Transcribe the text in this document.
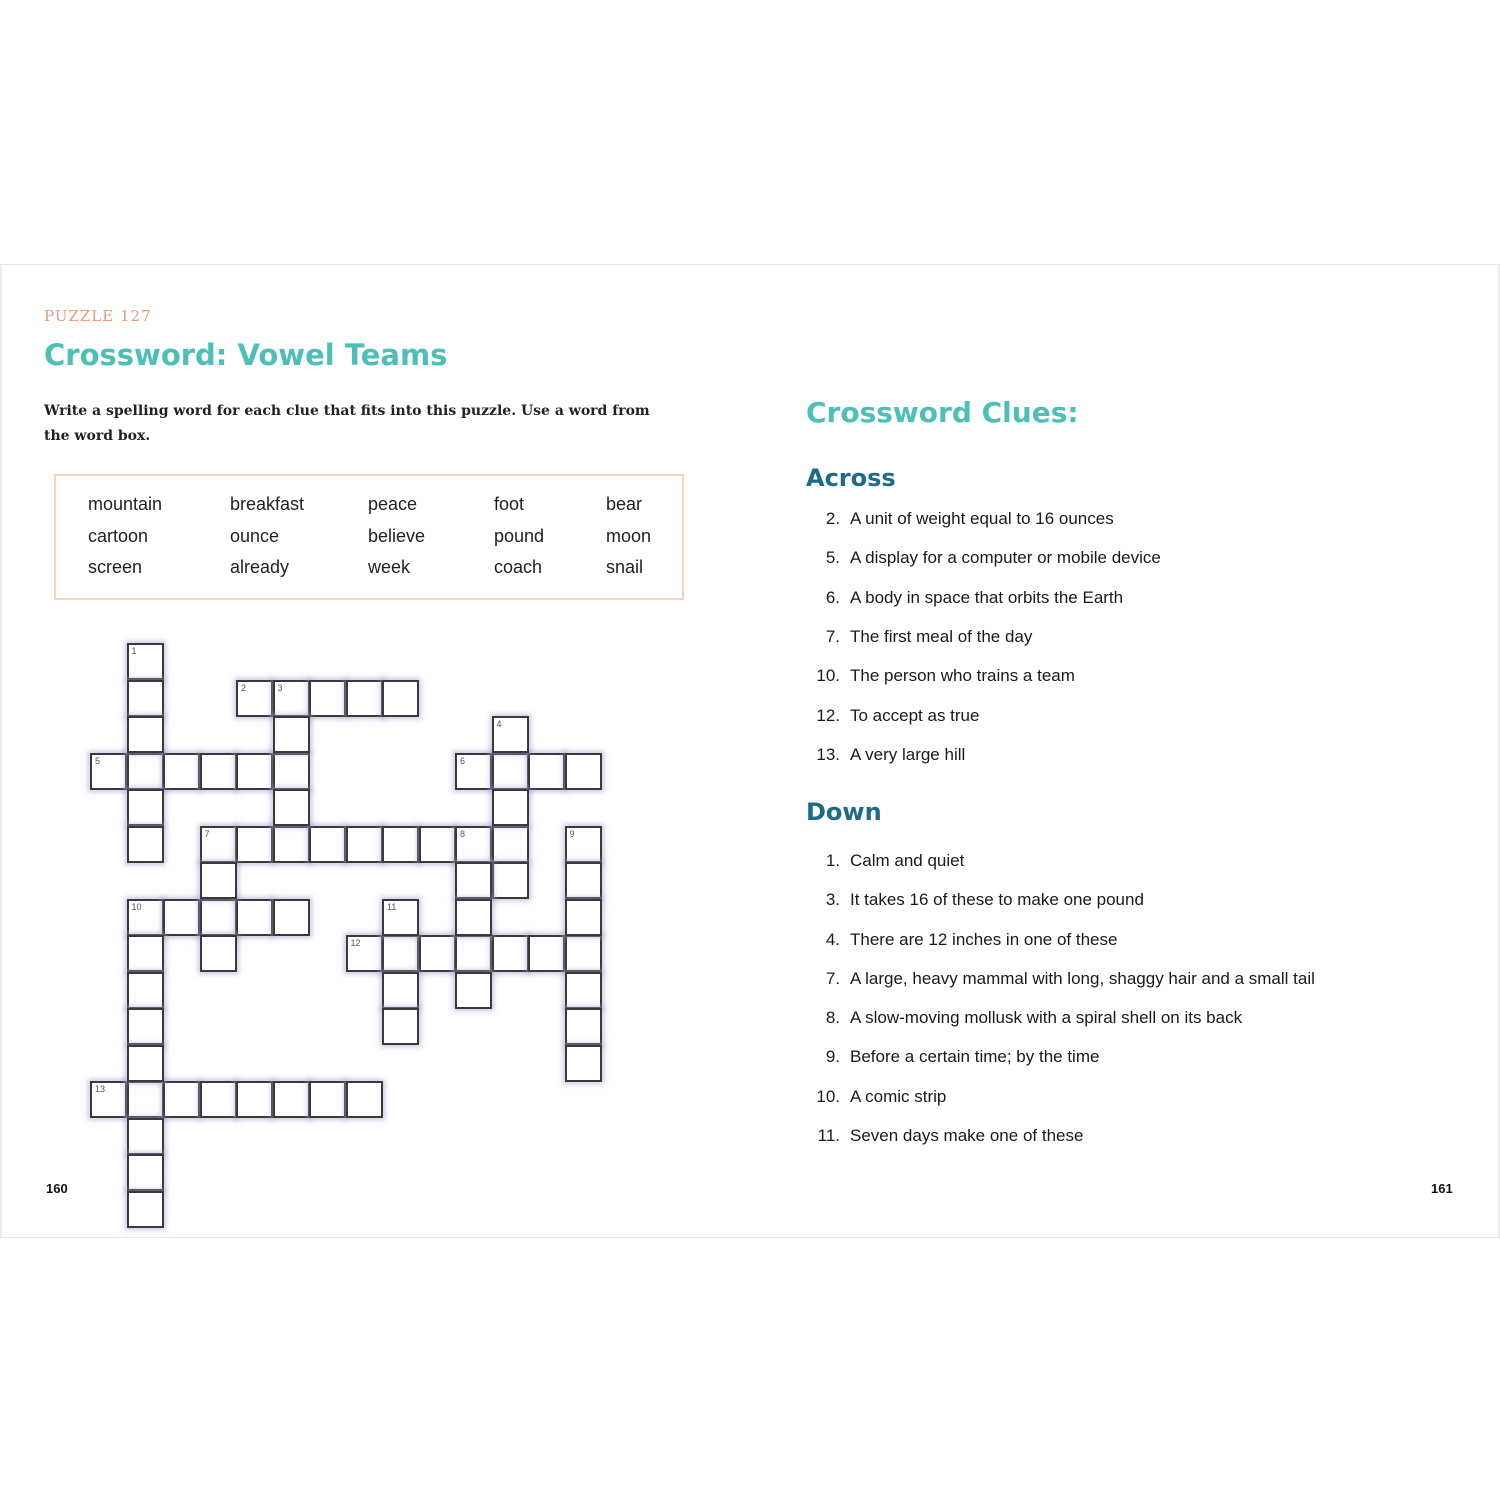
PUZZLE 127
Crossword: Vowel Teams
Write a spelling word for each clue that fits into this puzzle. Use a word from the word box.
mountain	breakfast	peace	foot	bear
cartoon	ounce	believe	pound	moon
screen	already	week	coach	snail
2	3
5	6
7	8
10
12
13
1
4
9
11
160
Crossword Clues:
Across
2. A unit of weight equal to 16 ounces
5. A display for a computer or mobile device
6. A body in space that orbits the Earth
7. The first meal of the day
10. The person who trains a team
12. To accept as true
13. A very large hill
Down
1. Calm and quiet
3. It takes 16 of these to make one pound
4. There are 12 inches in one of these
7. A large, heavy mammal with long, shaggy hair and a small tail
8. A slow-moving mollusk with a spiral shell on its back
9. Before a certain time; by the time
10. A comic strip
11. Seven days make one of these
161
